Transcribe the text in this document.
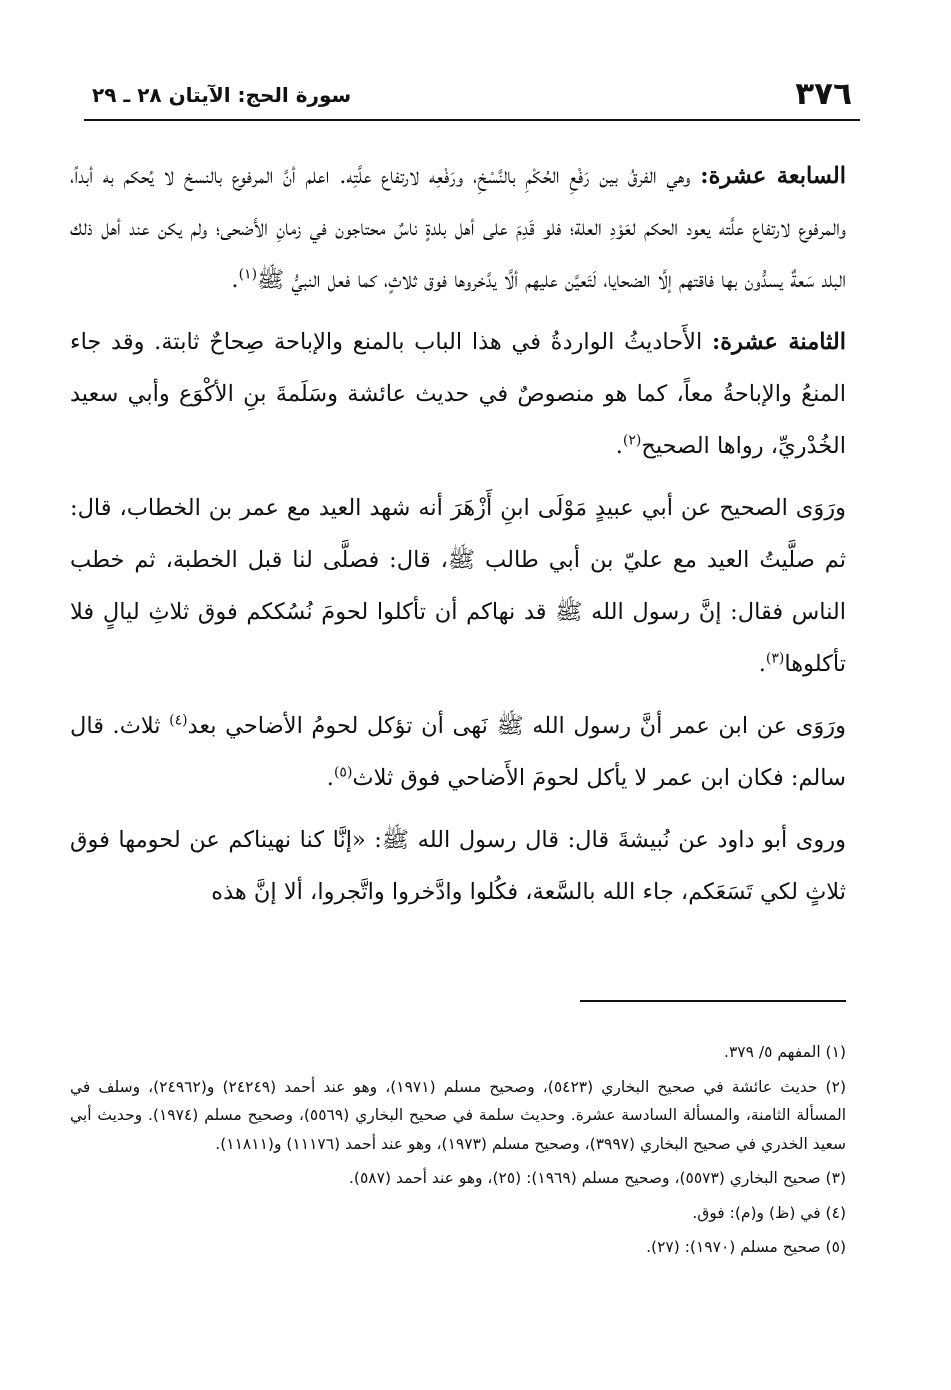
٣٧٦
سورة الحج: الآيتان ٢٨ ـ ٢٩

السابعة عشرة: وهي الفرقُ بين رَفْعِ الحُكْمِ بالنَّسْخِ، ورَفْعِه لارتفاع علَّتِه. اعلم أنَّ المرفوع بالنسخ لا يُحكم به أبداً، والمرفوع لارتفاع علَّته يعود الحكم لعَوْدِ العلة؛ فلو قَدِمَ على أهل بلدةٍ ناسٌ محتاجون في زمانِ الأَضحى؛ ولم يكن عند أهل ذلك البلد سَعةٌ يسدُّون بها فاقتهم إلَّا الضحايا، لَتَعيَّن عليهم ألَّا يدَّخروها فوق ثلاثٍ، كما فعل النبيُّ ﷺ$^{(١)}$.

الثامنة عشرة: الأَحاديثُ الواردةُ في هذا الباب بالمنع والإباحة صِحاحٌ ثابتة. وقد جاء المنعُ والإباحةُ معاً، كما هو منصوصٌ في حديث عائشة وسَلَمةَ بنِ الأكْوَع وأبي سعيد الخُدْريِّ، رواها الصحيح$^{(٢)}$.

ورَوَى الصحيح عن أبي عبيدٍ مَوْلَى ابنِ أَزْهَرَ أنه شهد العيد مع عمر بن الخطاب، قال: ثم صلَّيتُ العيد مع عليّ بن أبي طالب ﷺ، قال: فصلَّى لنا قبل الخطبة، ثم خطب الناس فقال: إنَّ رسول الله ﷺ قد نهاكم أن تأكلوا لحومَ نُسُككم فوق ثلاثِ ليالٍ فلا تأكلوها$^{(٣)}$.

ورَوَى عن ابن عمر أنَّ رسول الله ﷺ نَهى أن تؤكل لحومُ الأضاحي بعد$^{(٤)}$ ثلاث. قال سالم: فكان ابن عمر لا يأكل لحومَ الأَضاحي فوق ثلاث$^{(٥)}$.

وروى أبو داود عن نُبيشةَ قال: قال رسول الله ﷺ: «إنَّا كنا نهيناكم عن لحومها فوق ثلاثٍ لكي تَسَعَكم، جاء الله بالسَّعة، فكُلوا وادَّخروا واتَّجروا، ألا إنَّ هذه

(١) المفهم ٥/ ٣٧٩.

(٢) حديث عائشة في صحيح البخاري (٥٤٢٣)، وصحيح مسلم (١٩٧١)، وهو عند أحمد (٢٤٢٤٩) و(٢٤٩٦٢)، وسلف في المسألة الثامنة، والمسألة السادسة عشرة. وحديث سلمة في صحيح البخاري (٥٥٦٩)، وصحيح مسلم (١٩٧٤). وحديث أبي سعيد الخدري في صحيح البخاري (٣٩٩٧)، وصحيح مسلم (١٩٧٣)، وهو عند أحمد (١١١٧٦) و(١١٨١١).

(٣) صحيح البخاري (٥٥٧٣)، وصحيح مسلم (١٩٦٩): (٢٥)، وهو عند أحمد (٥٨٧).

(٤) في (ظ) و(م): فوق.

(٥) صحيح مسلم (١٩٧٠): (٢٧).
